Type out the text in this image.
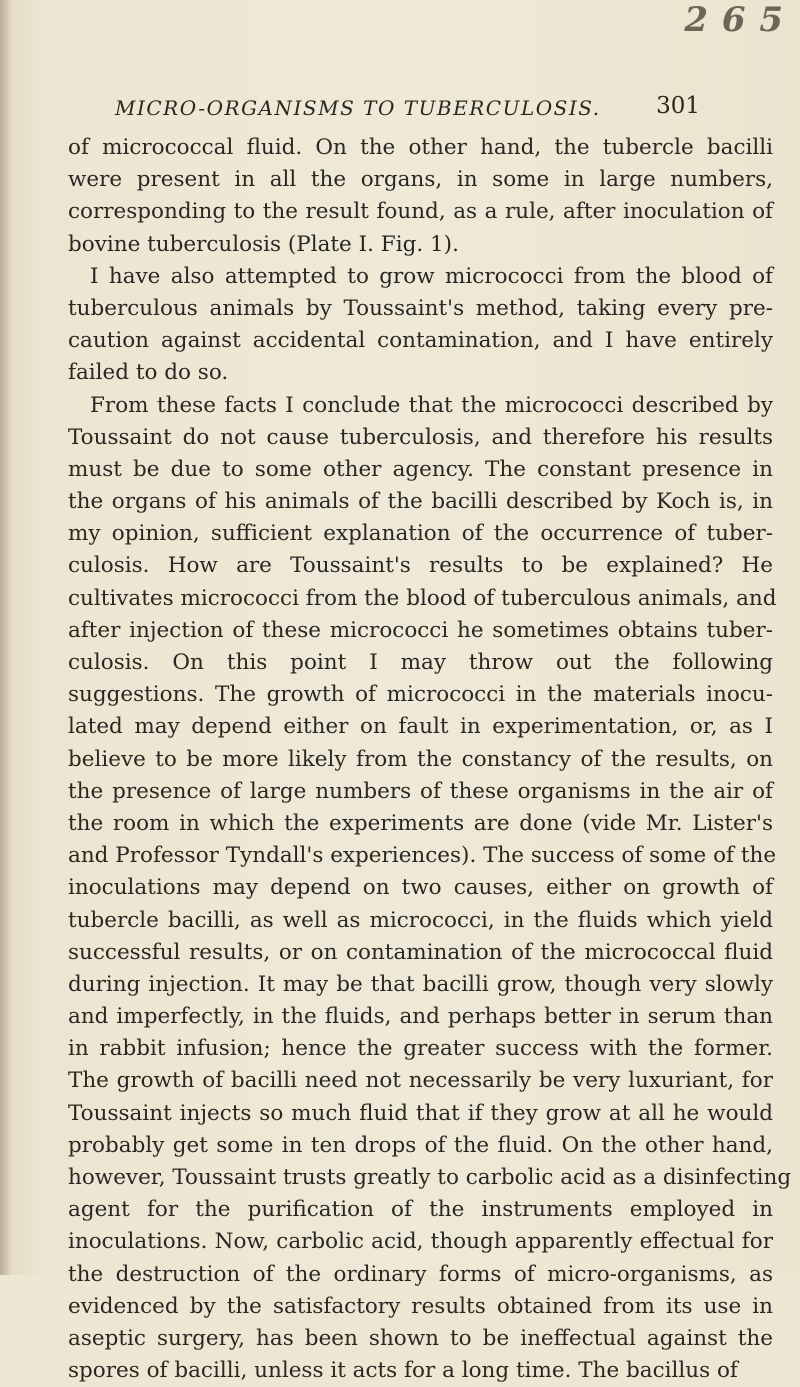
2 6 5
MICRO-ORGANISMS TO TUBERCULOSIS. 301
of micrococcal fluid. On the other hand, the tubercle bacilli
were present in all the organs, in some in large numbers,
corresponding to the result found, as a rule, after inoculation of
bovine tuberculosis (Plate I. Fig. 1).
I have also attempted to grow micrococci from the blood of
tuberculous animals by Toussaint's method, taking every pre-
caution against accidental contamination, and I have entirely
failed to do so.
From these facts I conclude that the micrococci described by
Toussaint do not cause tuberculosis, and therefore his results
must be due to some other agency. The constant presence in
the organs of his animals of the bacilli described by Koch is, in
my opinion, sufficient explanation of the occurrence of tuber-
culosis. How are Toussaint's results to be explained? He
cultivates micrococci from the blood of tuberculous animals, and
after injection of these micrococci he sometimes obtains tuber-
culosis. On this point I may throw out the following
suggestions. The growth of micrococci in the materials inocu-
lated may depend either on fault in experimentation, or, as I
believe to be more likely from the constancy of the results, on
the presence of large numbers of these organisms in the air of
the room in which the experiments are done (vide Mr. Lister's
and Professor Tyndall's experiences). The success of some of the
inoculations may depend on two causes, either on growth of
tubercle bacilli, as well as micrococci, in the fluids which yield
successful results, or on contamination of the micrococcal fluid
during injection. It may be that bacilli grow, though very slowly
and imperfectly, in the fluids, and perhaps better in serum than
in rabbit infusion; hence the greater success with the former.
The growth of bacilli need not necessarily be very luxuriant, for
Toussaint injects so much fluid that if they grow at all he would
probably get some in ten drops of the fluid. On the other hand,
however, Toussaint trusts greatly to carbolic acid as a disinfecting
agent for the purification of the instruments employed in
inoculations. Now, carbolic acid, though apparently effectual for
the destruction of the ordinary forms of micro-organisms, as
evidenced by the satisfactory results obtained from its use in
aseptic surgery, has been shown to be ineffectual against the
spores of bacilli, unless it acts for a long time. The bacillus of
